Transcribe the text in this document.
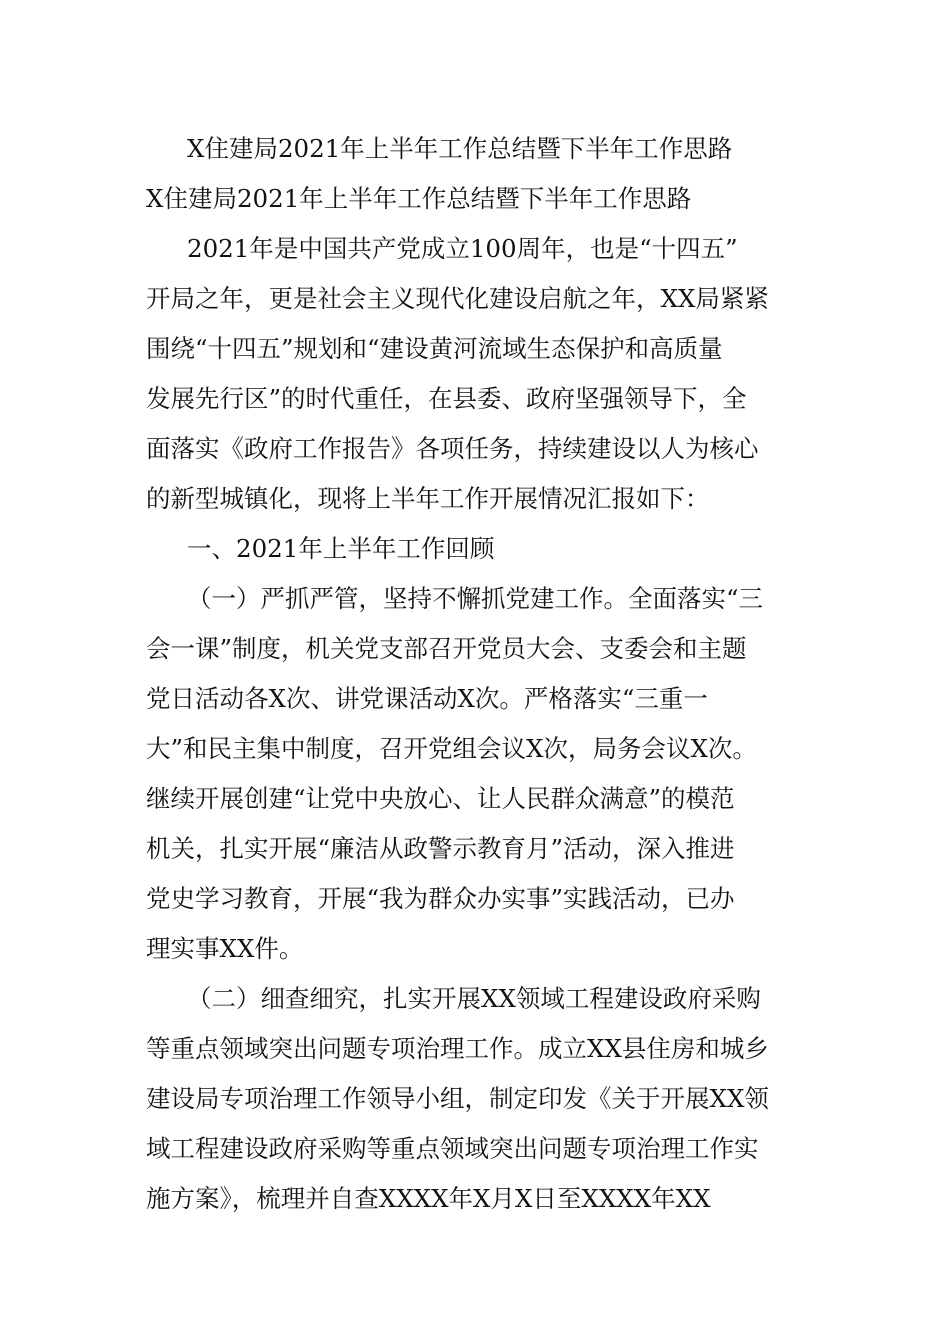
X住建局2021年上半年工作总结暨下半年工作思路

X住建局2021年上半年工作总结暨下半年工作思路

2021年是中国共产党成立100周年，也是“十四五”

开局之年，更是社会主义现代化建设启航之年，XX局紧紧

围绕“十四五”规划和“建设黄河流域生态保护和高质量

发展先行区”的时代重任，在县委、政府坚强领导下，全

面落实《政府工作报告》各项任务，持续建设以人为核心

的新型城镇化，现将上半年工作开展情况汇报如下：

一、2021年上半年工作回顾

（一）严抓严管，坚持不懈抓党建工作。全面落实“三

会一课”制度，机关党支部召开党员大会、支委会和主题

党日活动各X次、讲党课活动X次。严格落实“三重一

大”和民主集中制度，召开党组会议X次，局务会议X次。

继续开展创建“让党中央放心、让人民群众满意”的模范

机关，扎实开展“廉洁从政警示教育月”活动，深入推进

党史学习教育，开展“我为群众办实事”实践活动，已办

理实事XX件。

（二）细查细究，扎实开展XX领域工程建设政府采购

等重点领域突出问题专项治理工作。成立XX县住房和城乡

建设局专项治理工作领导小组，制定印发《关于开展XX领

域工程建设政府采购等重点领域突出问题专项治理工作实

施方案》，梳理并自查XXXX年X月X日至XXXX年XX
